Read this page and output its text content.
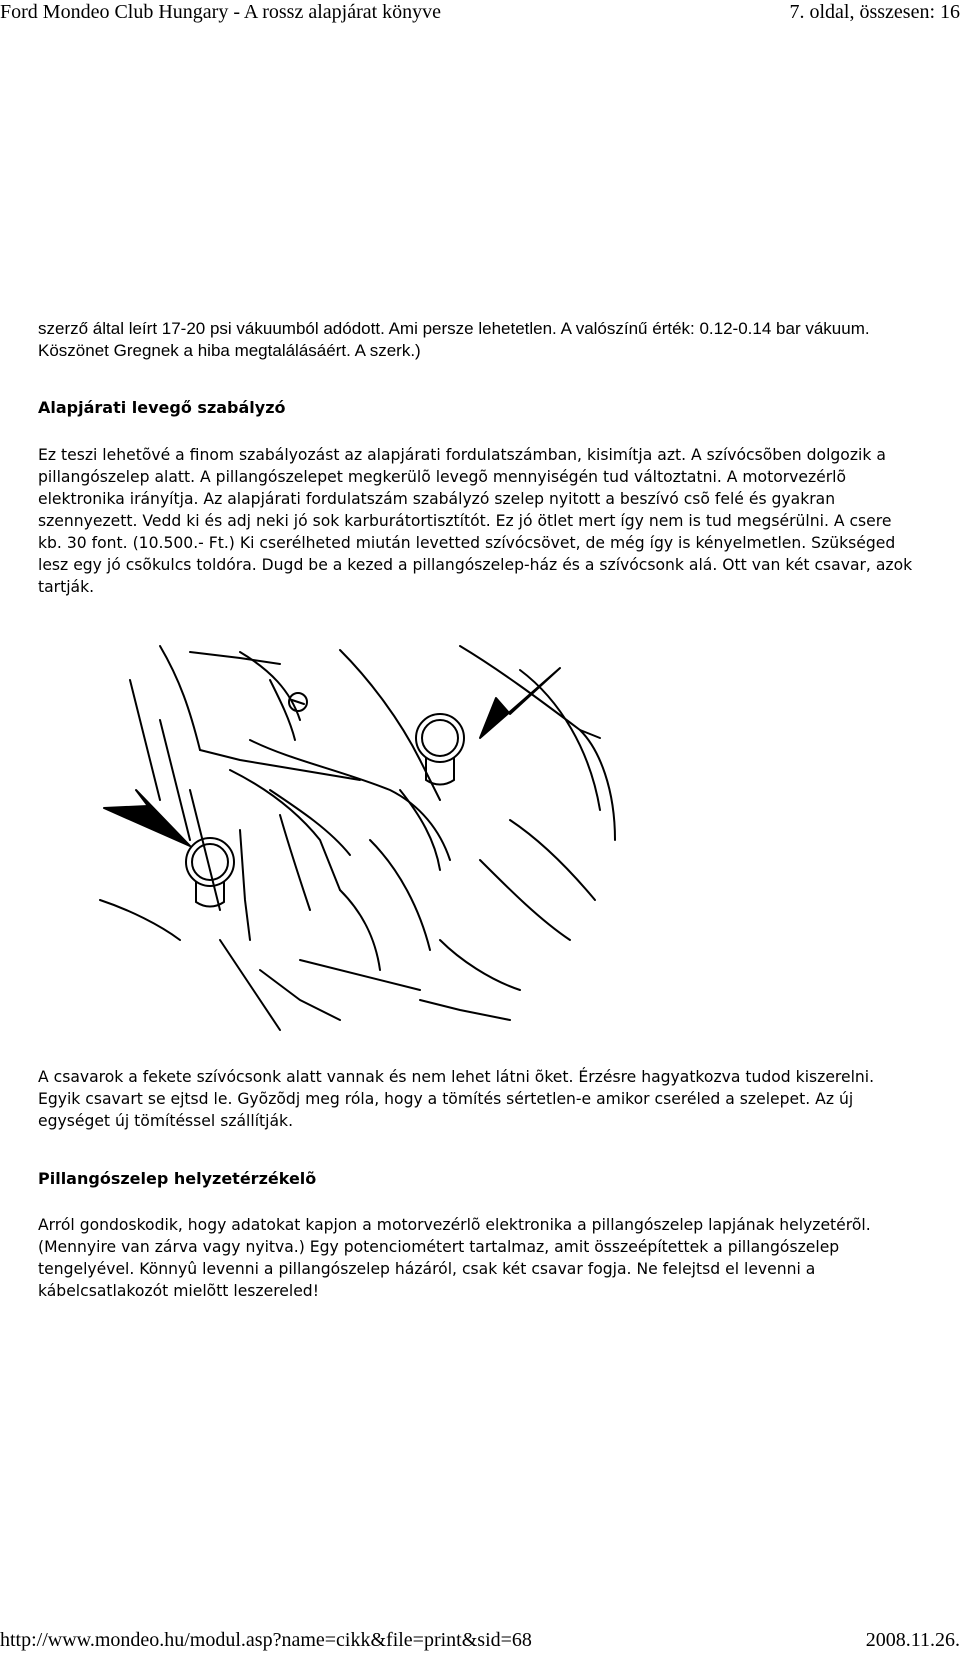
Ford Mondeo Club Hungary - A rossz alapjárat könyve	7. oldal, összesen: 16

szerző által leírt 17-20 psi vákuumból adódott. Ami persze lehetetlen. A valószínű érték: 0.12-0.14 bar vákuum. Köszönet Gregnek a hiba megtalálásáért. A szerk.)

Alapjárati levegő szabályzó

Ez teszi lehetõvé a finom szabályozást az alapjárati fordulatszámban, kisimítja azt. A szívócsõben dolgozik a pillangószelep alatt. A pillangószelepet megkerülõ levegõ mennyiségén tud változtatni. A motorvezérlõ elektronika irányítja. Az alapjárati fordulatszám szabályzó szelep nyitott a beszívó csõ felé és gyakran szennyezett. Vedd ki és adj neki jó sok karburátortisztítót. Ez jó ötlet mert így nem is tud megsérülni. A csere kb. 30 font. (10.500.- Ft.) Ki cserélheted miután levetted szívócsövet, de még így is kényelmetlen. Szükséged lesz egy jó csõkulcs toldóra. Dugd be a kezed a pillangószelep-ház és a szívócsonk alá. Ott van két csavar, azok tartják.

A csavarok a fekete szívócsonk alatt vannak és nem lehet látni õket. Érzésre hagyatkozva tudod kiszerelni. Egyik csavart se ejtsd le. Gyõzõdj meg róla, hogy a tömítés sértetlen-e amikor cseréled a szelepet. Az új egységet új tömítéssel szállítják.

Pillangószelep helyzetérzékelõ

Arról gondoskodik, hogy adatokat kapjon a motorvezérlõ elektronika a pillangószelep lapjának helyzetérõl. (Mennyire van zárva vagy nyitva.) Egy potenciométert tartalmaz, amit összeépítettek a pillangószelep tengelyével. Könnyû levenni a pillangószelep házáról, csak két csavar fogja. Ne felejtsd el levenni a kábelcsatlakozót mielõtt leszereled!

http://www.mondeo.hu/modul.asp?name=cikk&file=print&sid=68	2008.11.26.
